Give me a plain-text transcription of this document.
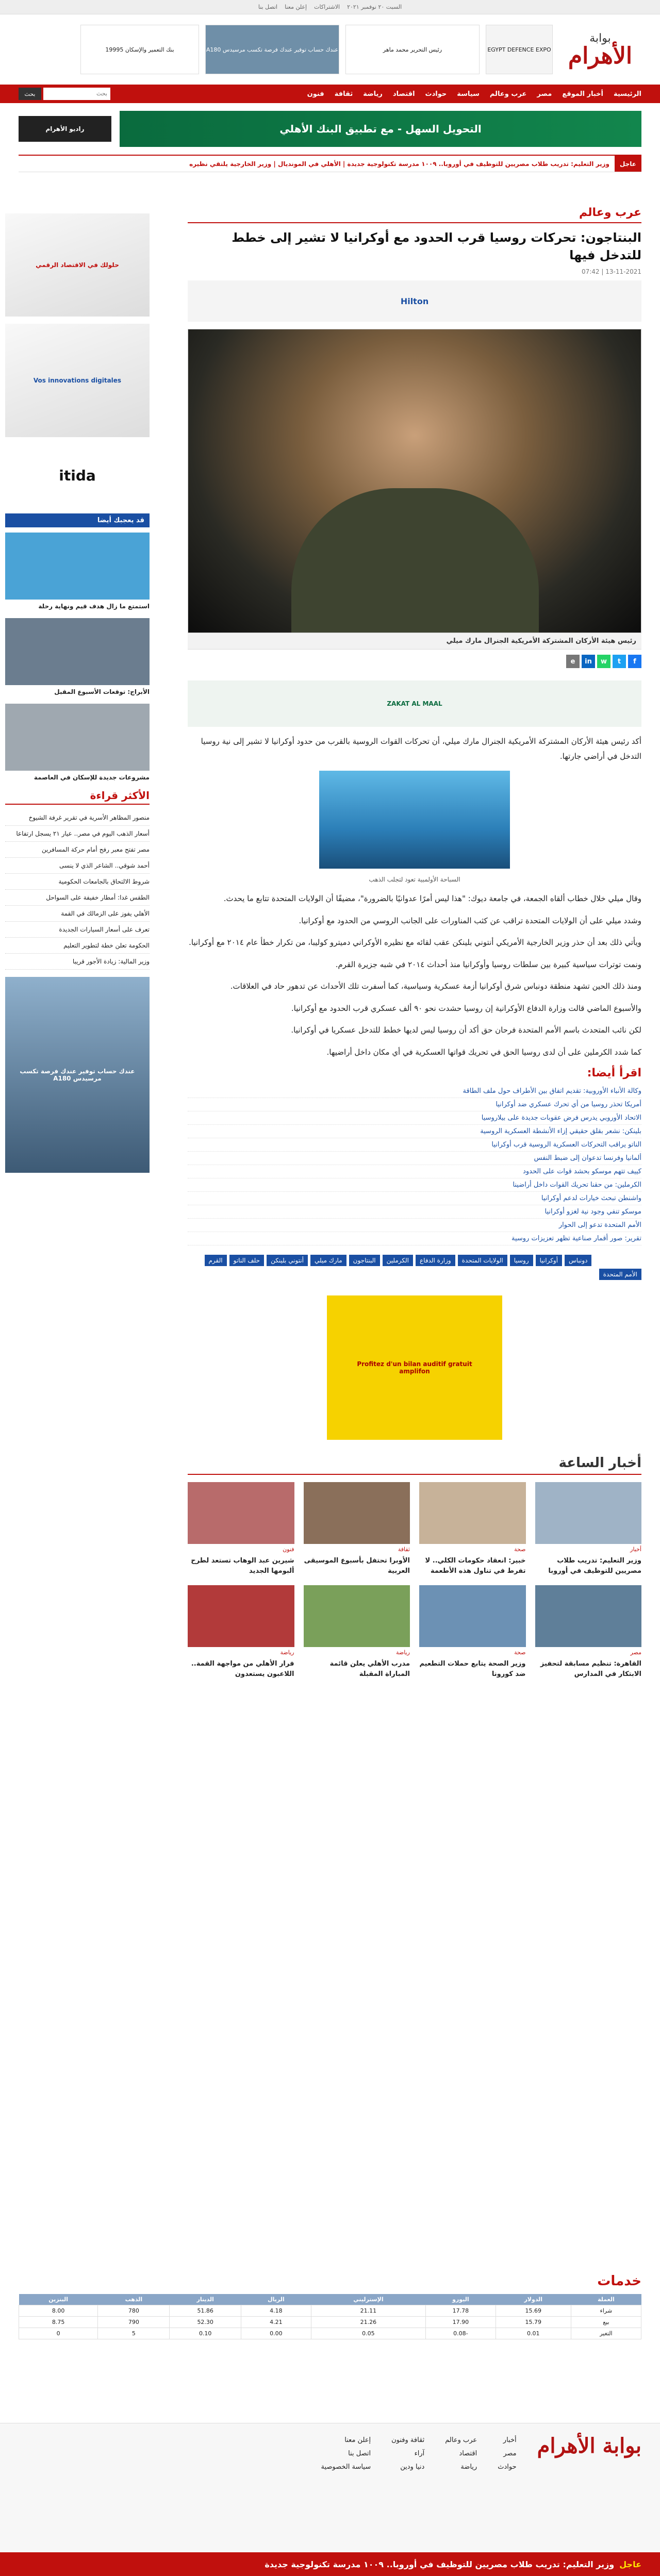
السبت ٢٠ نوفمبر ٢٠٢١
الاشتراكات
إعلن معنا
اتصل بنا
بوابة
الأهرام
EGYPT DEFENCE EXPO
رئيس التحرير محمد ماهر
عندك حساب توفير عندك فرصة تكسب مرسيدس A180
بنك التعمير والإسكان 19995
الرئيسية
أخبار الموقع
مصر
عرب وعالم
سياسة
حوادث
اقتصاد
رياضة
ثقافة
فنون
بحث
بحث
التحويل السهل - مع تطبيق البنك الأهلي
راديو الأهرام
عاجل
وزير التعليم: تدريب طلاب مصريين للتوظيف في أوروبا.. ١٠٠٩ مدرسة تكنولوجية جديدة | الأهلي في المونديال | وزير الخارجية يلتقي نظيره
عرب وعالم
البنتاجون: تحركات روسيا قرب الحدود مع أوكرانيا لا تشير إلى خطط للتدخل فيها
13-11-2021 | 07:42
Hilton
رئيس هيئة الأركان المشتركة الأمريكية الجنرال مارك ميلي
f
t
w
in
e
ZAKAT AL MAAL

أكد رئيس هيئة الأركان المشتركة الأمريكية الجنرال مارك ميلي، أن تحركات القوات الروسية بالقرب من حدود أوكرانيا لا تشير إلى نية روسيا التدخل في أراضي جارتها.

السباحة الأولمبية تعود لتجلب الذهب

وقال ميلي خلال خطاب ألقاه الجمعة، في جامعة ديوك: "هذا ليس أمرًا عدوانيًا بالضرورة"، مضيفًا أن الولايات المتحدة تتابع ما يحدث.

وشدد ميلي على أن الولايات المتحدة تراقب عن كثب المناورات على الجانب الروسي من الحدود مع أوكرانيا.

ويأتي ذلك بعد أن حذر وزير الخارجية الأمريكي أنتوني بلينكن عقب لقائه مع نظيره الأوكراني دميترو كوليبا، من تكرار خطأ عام ٢٠١٤ مع أوكرانيا.

ونمت توترات سياسية كبيرة بين سلطات روسيا وأوكرانيا منذ أحداث ٢٠١٤ في شبه جزيرة القرم.

ومنذ ذلك الحين تشهد منطقة دونباس شرق أوكرانيا أزمة عسكرية وسياسية، كما أسفرت تلك الأحداث عن تدهور حاد في العلاقات.

والأسبوع الماضي قالت وزارة الدفاع الأوكرانية إن روسيا حشدت نحو ٩٠ ألف عسكري قرب الحدود مع أوكرانيا.

لكن نائب المتحدث باسم الأمم المتحدة فرحان حق أكد أن روسيا ليس لديها خطط للتدخل عسكريا في أوكرانيا.

كما شدد الكرملين على أن لدى روسيا الحق في تحريك قواتها العسكرية في أي مكان داخل أراضيها.

اقرأ أيضا:
وكالة الأنباء الأوروبية: تقديم اتفاق بين الأطراف حول ملف الطاقة
أمريكا تحذر روسيا من أي تحرك عسكري ضد أوكرانيا
الاتحاد الأوروبي يدرس فرض عقوبات جديدة على بيلاروسيا
بلينكن: نشعر بقلق حقيقي إزاء الأنشطة العسكرية الروسية
الناتو يراقب التحركات العسكرية الروسية قرب أوكرانيا
ألمانيا وفرنسا تدعوان إلى ضبط النفس
كييف تتهم موسكو بحشد قوات على الحدود
الكرملين: من حقنا تحريك القوات داخل أراضينا
واشنطن تبحث خيارات لدعم أوكرانيا
موسكو تنفي وجود نية لغزو أوكرانيا
الأمم المتحدة تدعو إلى الحوار
تقرير: صور أقمار صناعية تظهر تعزيزات روسية
كلمات البحث
دونباس
أوكرانيا
روسيا
الولايات المتحدة
وزارة الدفاع
الكرملين
البنتاجون
مارك ميلي
أنتوني بلينكن
حلف الناتو
القرم
الأمم المتحدة
Profitez d'un bilan auditif gratuit
amplifon
أخبار الساعة
أخبار
وزير التعليم: تدريب طلاب مصريين للتوظيف في أوروبا
صحة
خبير: انعقاد حكومات الكلي.. لا تفرط في تناول هذه الأطعمة
ثقافة
الأوبرا تحتفل بأسبوع الموسيقى العربية
فنون
شيرين عبد الوهاب تستعد لطرح ألبومها الجديد
مصر
القاهرة: تنظيم مسابقة لتحفيز الابتكار في المدارس
صحة
وزير الصحة يتابع حملات التطعيم ضد كورونا
رياضة
مدرب الأهلي يعلن قائمة المباراة المقبلة
رياضة
فرار الأهلي من مواجهة القمة.. اللاعبون يستعدون
حلولك في الاقتصاد الرقمي
Vos innovations digitales
itida
قد يعجبك أيضا
استمتع ما زال هدف قيم ونهاية رحلة
الأبراج: توقعات الأسبوع المقبل
مشروعات جديدة للإسكان في العاصمة
الأكثر قراءة
منصور المظاهر الأسرية في تقرير غرفة الشيوخ
أسعار الذهب اليوم في مصر.. عيار ٢١ يسجل ارتفاعا
مصر تفتح معبر رفح أمام حركة المسافرين
أحمد شوقي.. الشاعر الذي لا ينسى
شروط الالتحاق بالجامعات الحكومية
الطقس غدا: أمطار خفيفة على السواحل
الأهلي يفوز على الزمالك في القمة
تعرف على أسعار السيارات الجديدة
الحكومة تعلن خطة لتطوير التعليم
وزير المالية: زيادة الأجور قريبا
عندك حساب توفير عندك فرصة تكسب مرسيدس A180
خدمات
العملة	الدولار	اليورو	الإسترليني	الريال	الدينار	الذهب	البنزين
شراء	15.69	17.78	21.11	4.18	51.86	780	8.00
بيع	15.79	17.90	21.26	4.21	52.30	790	8.75
التغير	0.01	-0.08	0.05	0.00	0.10	5	0
بوابة الأهرام
أخبار
مصر
حوادث
عرب وعالم
اقتصاد
رياضة
ثقافة وفنون
آراء
دنيا ودين
إعلن معنا
اتصل بنا
سياسة الخصوصية
عاجل
وزير التعليم: تدريب طلاب مصريين للتوظيف في أوروبا.. ١٠٠٩ مدرسة تكنولوجية جديدة
